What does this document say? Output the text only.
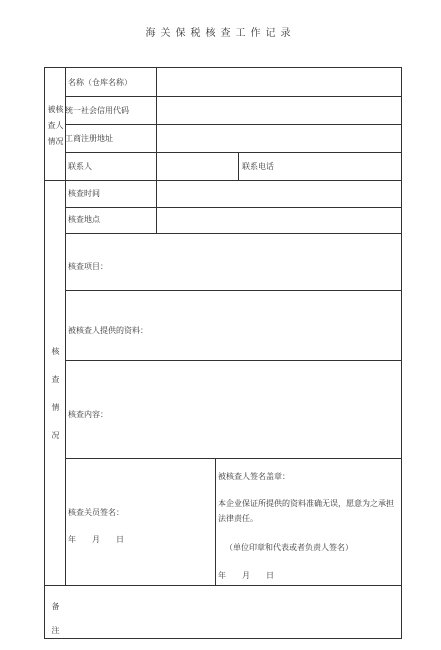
海关保税核查工作记录
被核
查人
情况
名称（仓库名称）
统一社会信用代码
工商注册地址
联系人	联系电话
核
查
情
况
核查时间
核查地点
核查项目：
被核查人提供的资料：
核查内容：
核查关员签名：
年　　月　　日
被核查人签名盖章：
本企业保证所提供的资料准确无误，愿意为之承担法律责任。
（单位印章和代表或者负责人签名）
年　　月　　日
备
注
